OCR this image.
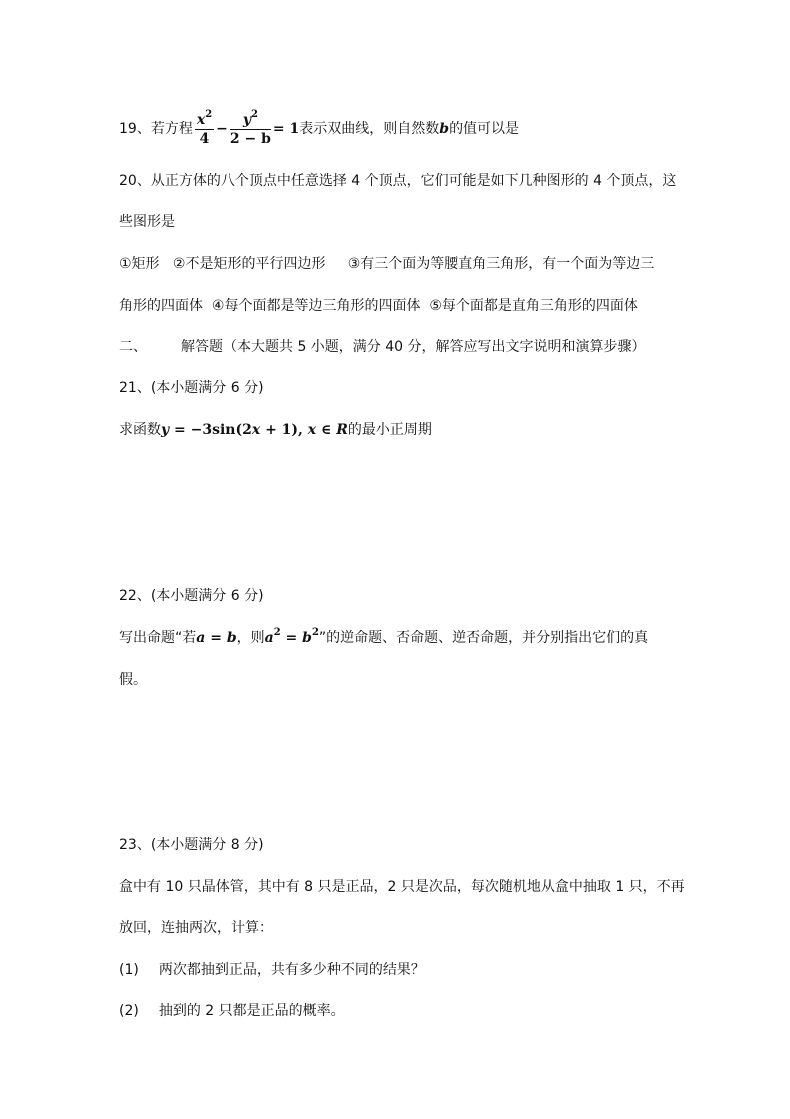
19、若方程 $\frac{x^2}{4} - \frac{y^2}{2 - b} = 1$表示双曲线，则自然数b的值可以是
20、从正方体的八个顶点中任意选择 4 个顶点，它们可能是如下几种图形的 4 个顶点，这
些图形是
①矩形   ②不是矩形的平行四边形     ③有三个面为等腰直角三角形，有一个面为等边三
角形的四面体  ④每个面都是等边三角形的四面体  ⑤每个面都是直角三角形的四面体
二、 解答题（本大题共 5 小题，满分 40 分，解答应写出文字说明和演算步骤）
21、(本小题满分 6 分)
求函数y = −3sin(2x + 1), x ∈ R的最小正周期
22、(本小题满分 6 分)
写出命题“若a = b，则$a^2 = b^2$”的逆命题、否命题、逆否命题，并分别指出它们的真
假。
23、(本小题满分 8 分)
盒中有 10 只晶体管，其中有 8 只是正品，2 只是次品，每次随机地从盒中抽取 1 只，不再
放回，连抽两次，计算：
(1) 两次都抽到正品，共有多少种不同的结果？
(2) 抽到的 2 只都是正品的概率。
